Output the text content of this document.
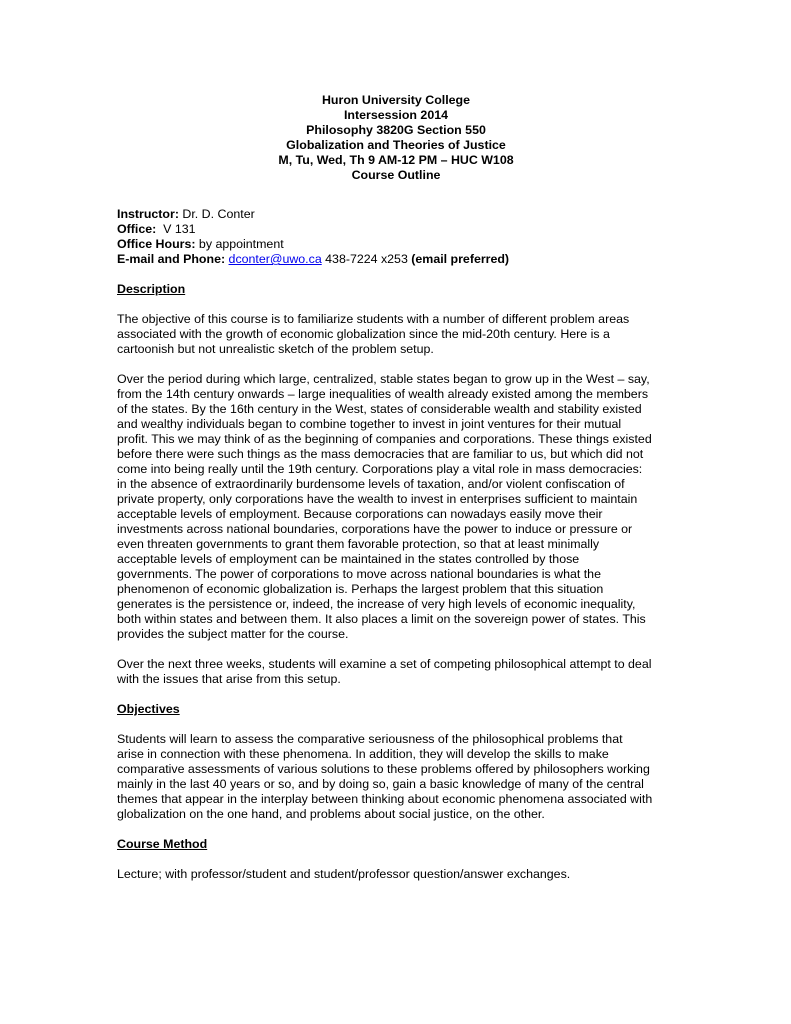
Huron University College
Intersession 2014
Philosophy 3820G Section 550
Globalization and Theories of Justice
M, Tu, Wed, Th 9 AM-12 PM – HUC W108
Course Outline
Instructor: Dr. D. Conter
Office:  V 131
Office Hours: by appointment
E-mail and Phone: dconter@uwo.ca 438-7224 x253 (email preferred)
Description
The objective of this course is to familiarize students with a number of different problem areas
associated with the growth of economic globalization since the mid-20th century. Here is a
cartoonish but not unrealistic sketch of the problem setup.
Over the period during which large, centralized, stable states began to grow up in the West – say,
from the 14th century onwards – large inequalities of wealth already existed among the members
of the states. By the 16th century in the West, states of considerable wealth and stability existed
and wealthy individuals began to combine together to invest in joint ventures for their mutual
profit. This we may think of as the beginning of companies and corporations. These things existed
before there were such things as the mass democracies that are familiar to us, but which did not
come into being really until the 19th century. Corporations play a vital role in mass democracies:
in the absence of extraordinarily burdensome levels of taxation, and/or violent confiscation of
private property, only corporations have the wealth to invest in enterprises sufficient to maintain
acceptable levels of employment. Because corporations can nowadays easily move their
investments across national boundaries, corporations have the power to induce or pressure or
even threaten governments to grant them favorable protection, so that at least minimally
acceptable levels of employment can be maintained in the states controlled by those
governments. The power of corporations to move across national boundaries is what the
phenomenon of economic globalization is. Perhaps the largest problem that this situation
generates is the persistence or, indeed, the increase of very high levels of economic inequality,
both within states and between them. It also places a limit on the sovereign power of states. This
provides the subject matter for the course.
Over the next three weeks, students will examine a set of competing philosophical attempt to deal
with the issues that arise from this setup.
Objectives
Students will learn to assess the comparative seriousness of the philosophical problems that
arise in connection with these phenomena. In addition, they will develop the skills to make
comparative assessments of various solutions to these problems offered by philosophers working
mainly in the last 40 years or so, and by doing so, gain a basic knowledge of many of the central
themes that appear in the interplay between thinking about economic phenomena associated with
globalization on the one hand, and problems about social justice, on the other.
Course Method
Lecture; with professor/student and student/professor question/answer exchanges.
